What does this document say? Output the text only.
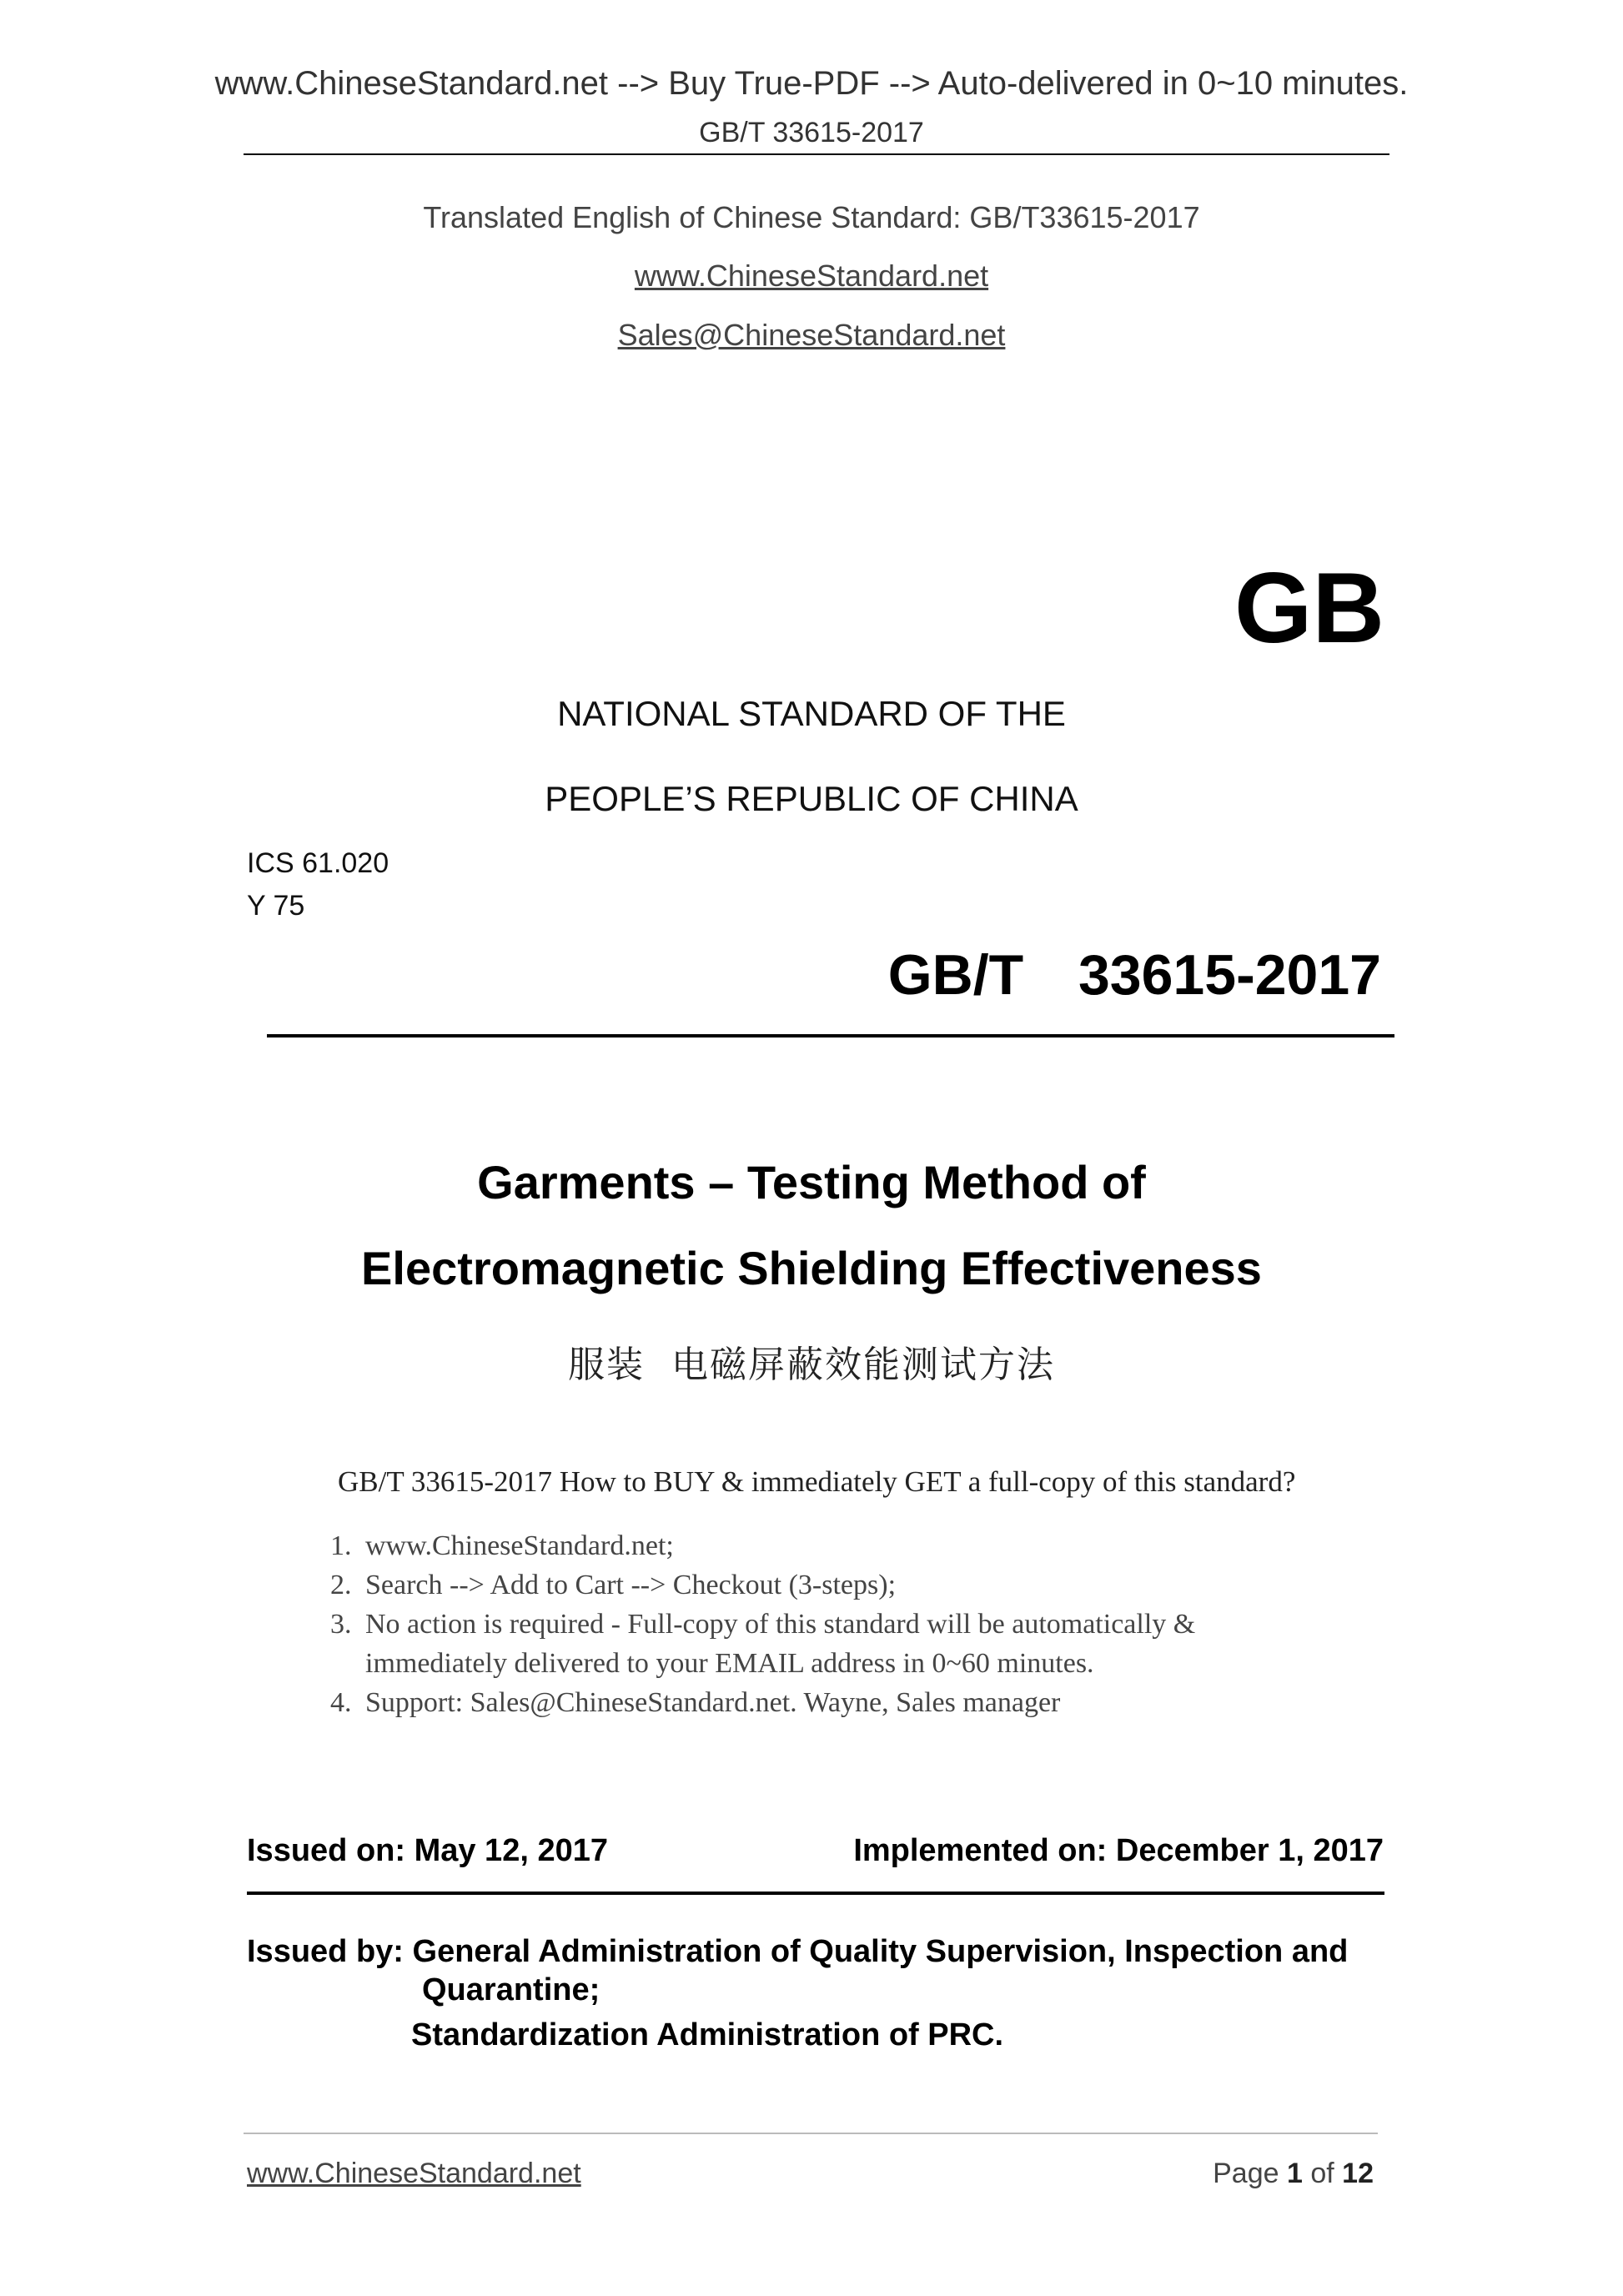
www.ChineseStandard.net --> Buy True-PDF --> Auto-delivered in 0~10 minutes.
GB/T 33615-2017
Translated English of Chinese Standard: GB/T33615-2017
www.ChineseStandard.net
Sales@ChineseStandard.net
GB
NATIONAL STANDARD OF THE
PEOPLE’S REPUBLIC OF CHINA
ICS 61.020
Y 75
GB/T  33615-2017
Garments – Testing Method of
Electromagnetic Shielding Effectiveness
服装  电磁屏蔽效能测试方法
GB/T 33615-2017 How to BUY & immediately GET a full-copy of this standard?
1. www.ChineseStandard.net;
2. Search --> Add to Cart --> Checkout (3-steps);
3. No action is required - Full-copy of this standard will be automatically & immediately delivered to your EMAIL address in 0~60 minutes.
4. Support: Sales@ChineseStandard.net. Wayne, Sales manager
Issued on: May 12, 2017	Implemented on: December 1, 2017
Issued by: General Administration of Quality Supervision, Inspection and
Quarantine;
Standardization Administration of PRC.
www.ChineseStandard.net	Page 1 of 12
